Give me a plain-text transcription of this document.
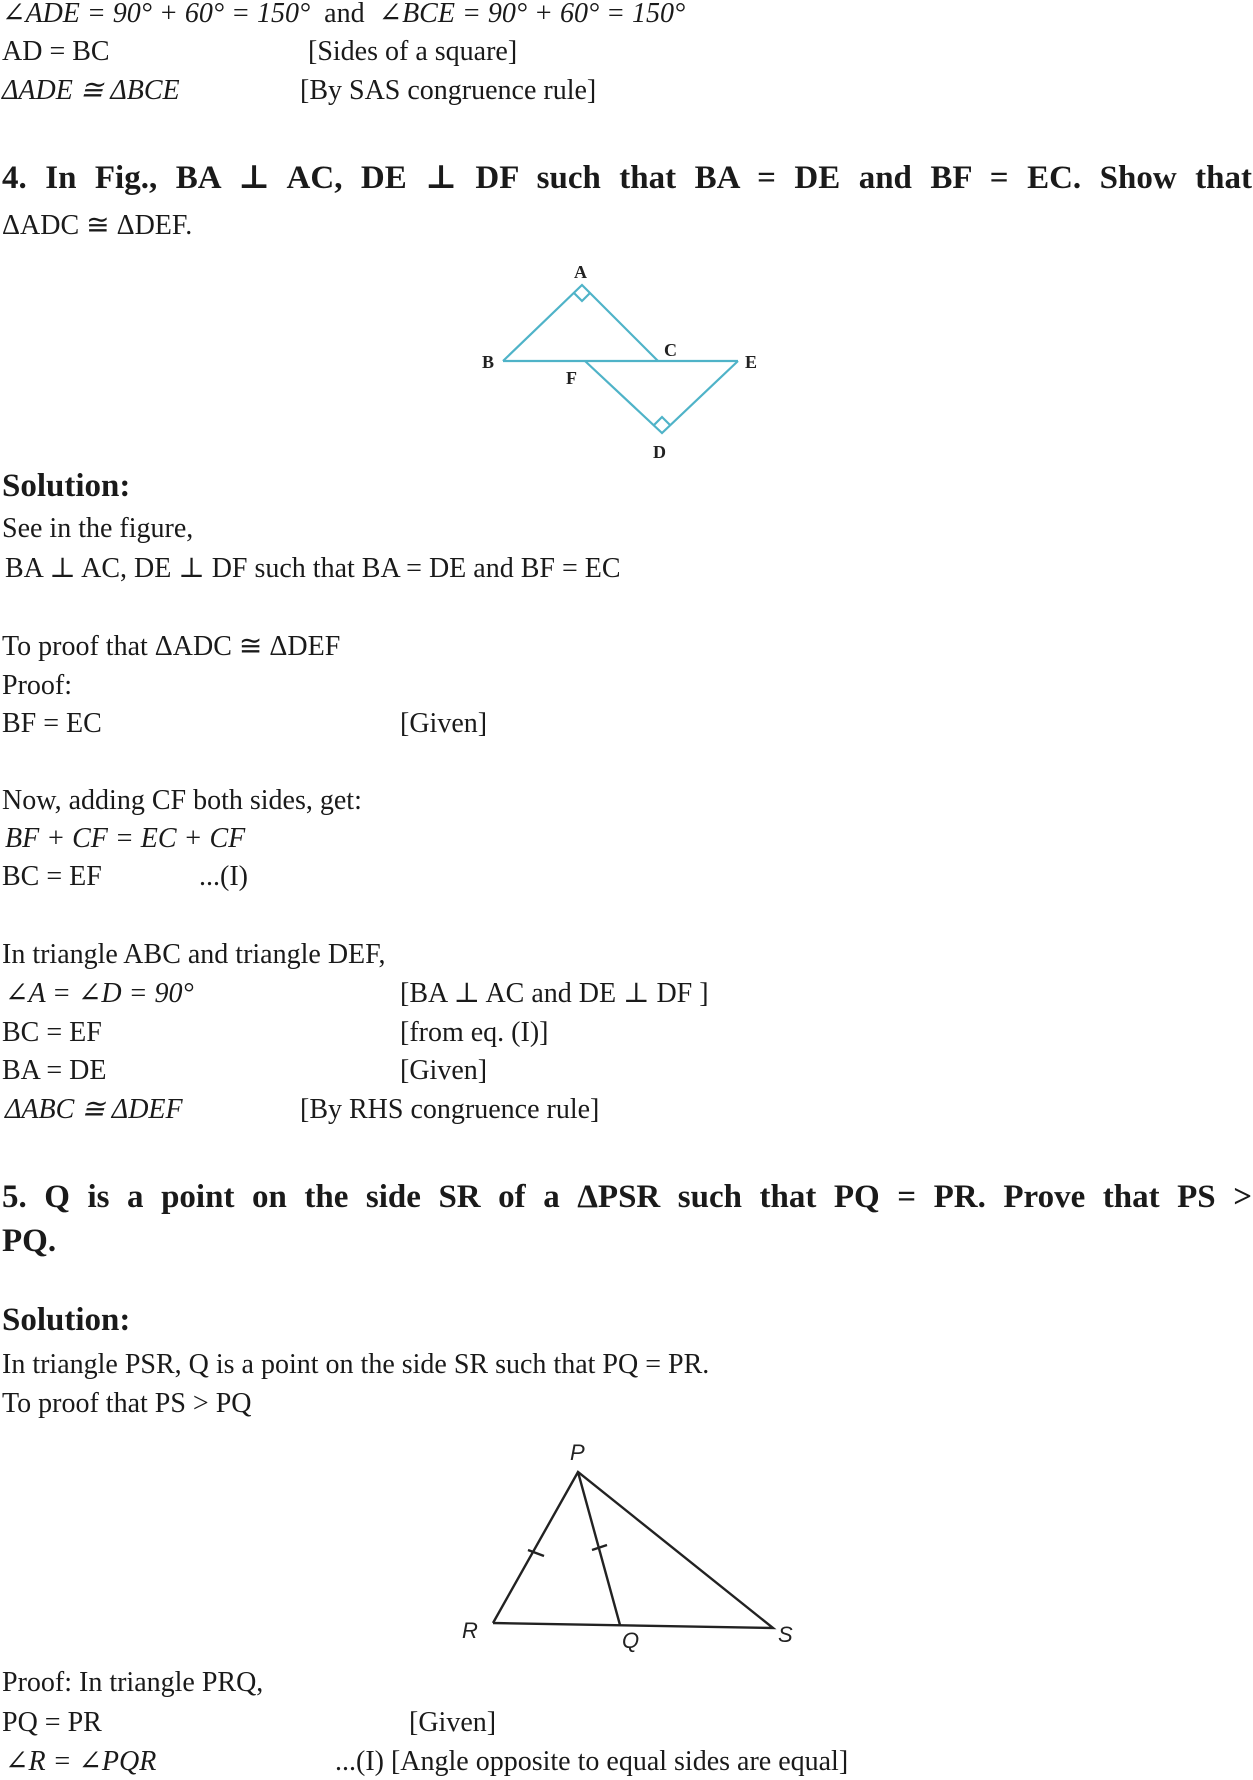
∠ADE = 90° + 60° = 150° and ∠BCE = 90° + 60° = 150°
AD = BC	[Sides of a square]
ΔADE ≅ ΔBCE	[By SAS congruence rule]
4. In Fig., BA ⊥ AC, DE ⊥ DF such that BA = DE and BF = EC. Show that
ΔADC ≅ ΔDEF.
A
B
C
E
F
D
P
R	Q	S
Solution:
See in the figure,
BA ⊥ AC, DE ⊥ DF such that BA = DE and BF = EC
To proof that ΔADC ≅ ΔDEF
Proof:
BF = EC	[Given]
Now, adding CF both sides, get:
BF + CF = EC + CF
BC = EF	...(I)
In triangle ABC and triangle DEF,
∠A = ∠D = 90°	[BA ⊥ AC and DE ⊥ DF ]
BC = EF	[from eq. (I)]
BA = DE	[Given]
ΔABC ≅ ΔDEF	[By RHS congruence rule]
5. Q is a point on the side SR of a ΔPSR such that PQ = PR. Prove that PS >
PQ.
Solution:
In triangle PSR, Q is a point on the side SR such that PQ = PR.
To proof that PS > PQ
Proof: In triangle PRQ,
PQ = PR	[Given]
∠R = ∠PQR	...(I) [Angle opposite to equal sides are equal]
